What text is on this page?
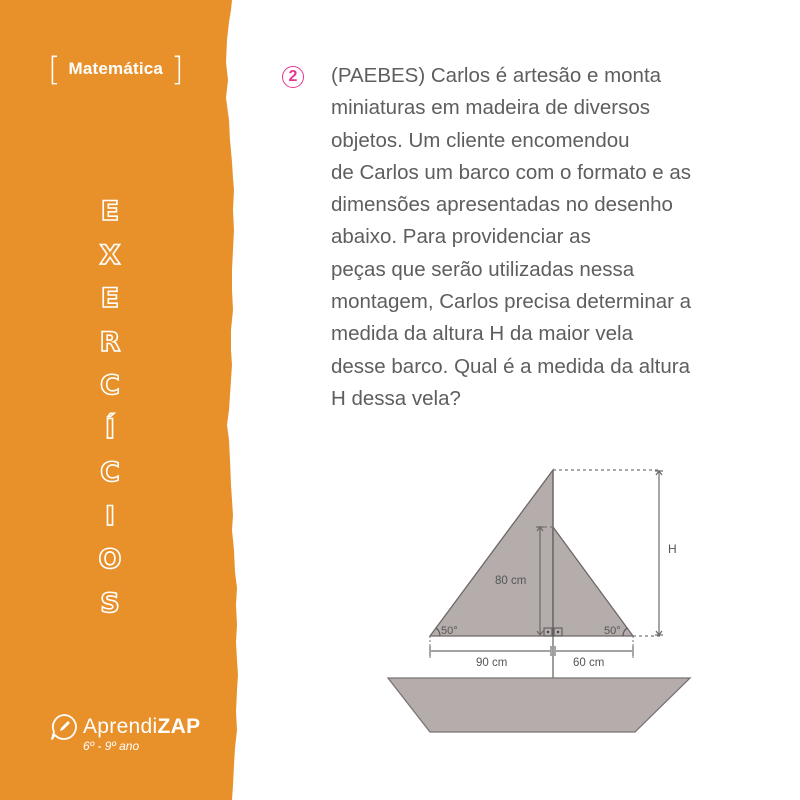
[ Matemática ]
E
X
E
R
C
Í
C
I
O
S
AprendiZAP
6º - 9º ano
2	(PAEBES) Carlos é artesão e monta
miniaturas em madeira de diversos
objetos. Um cliente encomendou
de Carlos um barco com o formato e as
dimensões apresentadas no desenho
abaixo. Para providenciar as
peças que serão utilizadas nessa
montagem, Carlos precisa determinar a
medida da altura H da maior vela
desse barco. Qual é a medida da altura
H dessa vela?
80 cm
H
50°	50°
90 cm	60 cm
